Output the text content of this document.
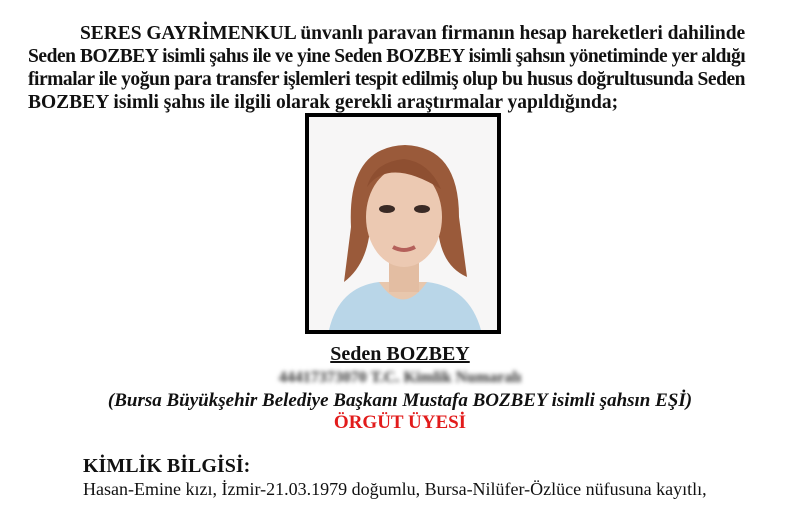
SERES GAYRİMENKUL ünvanlı paravan firmanın hesap hareketleri dahilinde
Seden BOZBEY isimli şahıs ile ve yine Seden BOZBEY isimli şahsın yönetiminde yer aldığı
firmalar ile yoğun para transfer işlemleri tespit edilmiş olup bu husus doğrultusunda Seden
BOZBEY isimli şahıs ile ilgili olarak gerekli araştırmalar yapıldığında;
Seden BOZBEY
44417373070 T.C. Kimlik Numaralı
(Bursa Büyükşehir Belediye Başkanı Mustafa BOZBEY isimli şahsın EŞİ)
ÖRGÜT ÜYESİ
KİMLİK BİLGİSİ:
Hasan-Emine kızı, İzmir-21.03.1979 doğumlu, Bursa-Nilüfer-Özlüce nüfusuna kayıtlı,
